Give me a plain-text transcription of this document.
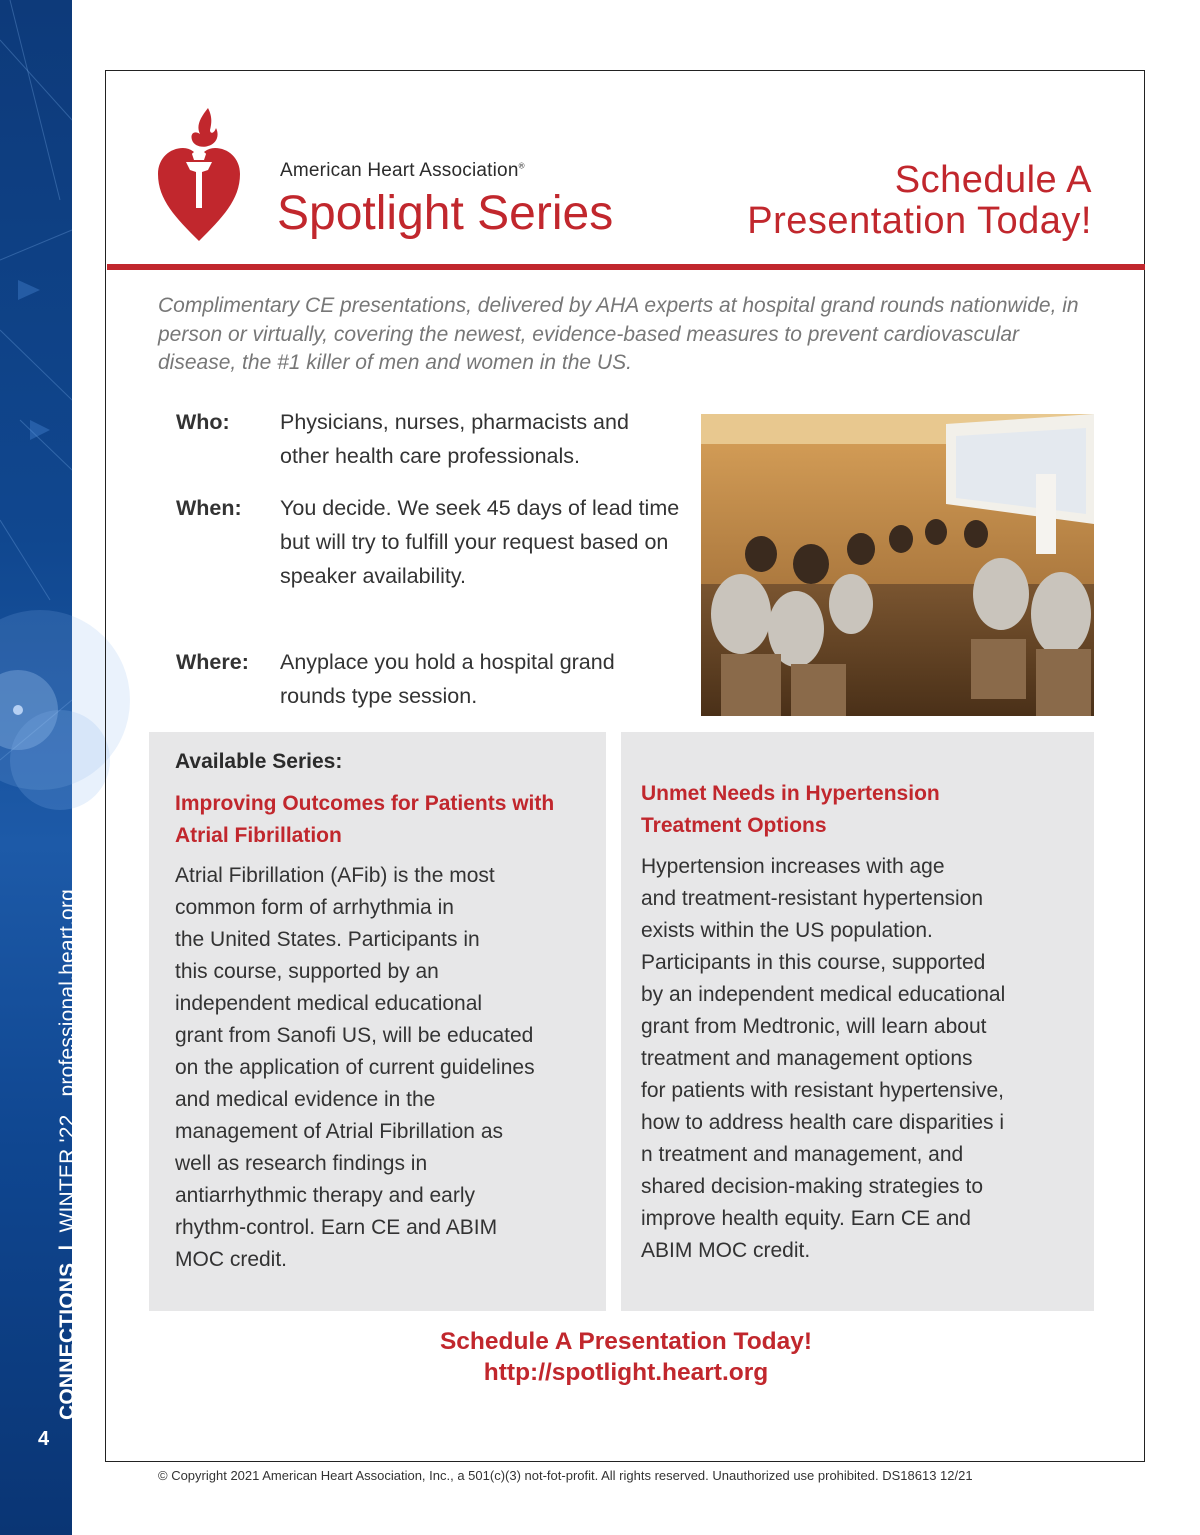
CONNECTIONS|WINTER '22professional.heart.org
4
American Heart Association®
Spotlight Series
Schedule A
Presentation Today!
Complimentary CE presentations, delivered by AHA experts at hospital grand rounds nationwide, in person or virtually, covering the newest, evidence-based measures to prevent cardiovascular disease, the #1 killer of men and women in the US.
Who: Physicians, nurses, pharmacists and other health care professionals.
When: You decide. We seek 45 days of lead time but will try to fulfill your request based on speaker availability.
Where: Anyplace you hold a hospital grand rounds type session.
Available Series:
Improving Outcomes for Patients with Atrial Fibrillation
Atrial Fibrillation (AFib) is the most
common form of arrhythmia in
the United States. Participants in
this course, supported by an
independent medical educational
grant from Sanofi US, will be educated
on the application of current guidelines
and medical evidence in the
management of Atrial Fibrillation as
well as research findings in
antiarrhythmic therapy and early
rhythm-control. Earn CE and ABIM
MOC credit.
Unmet Needs in Hypertension Treatment Options
Hypertension increases with age
and treatment-resistant hypertension
exists within the US population.
Participants in this course, supported
by an independent medical educational
grant from Medtronic, will learn about
treatment and management options
for patients with resistant hypertensive,
how to address health care disparities i
n treatment and management, and
shared decision-making strategies to
improve health equity. Earn CE and
ABIM MOC credit.
Schedule A Presentation Today!
http://spotlight.heart.org
© Copyright 2021 American Heart Association, Inc., a 501(c)(3) not-fot-profit. All rights reserved. Unauthorized use prohibited. DS18613 12/21
